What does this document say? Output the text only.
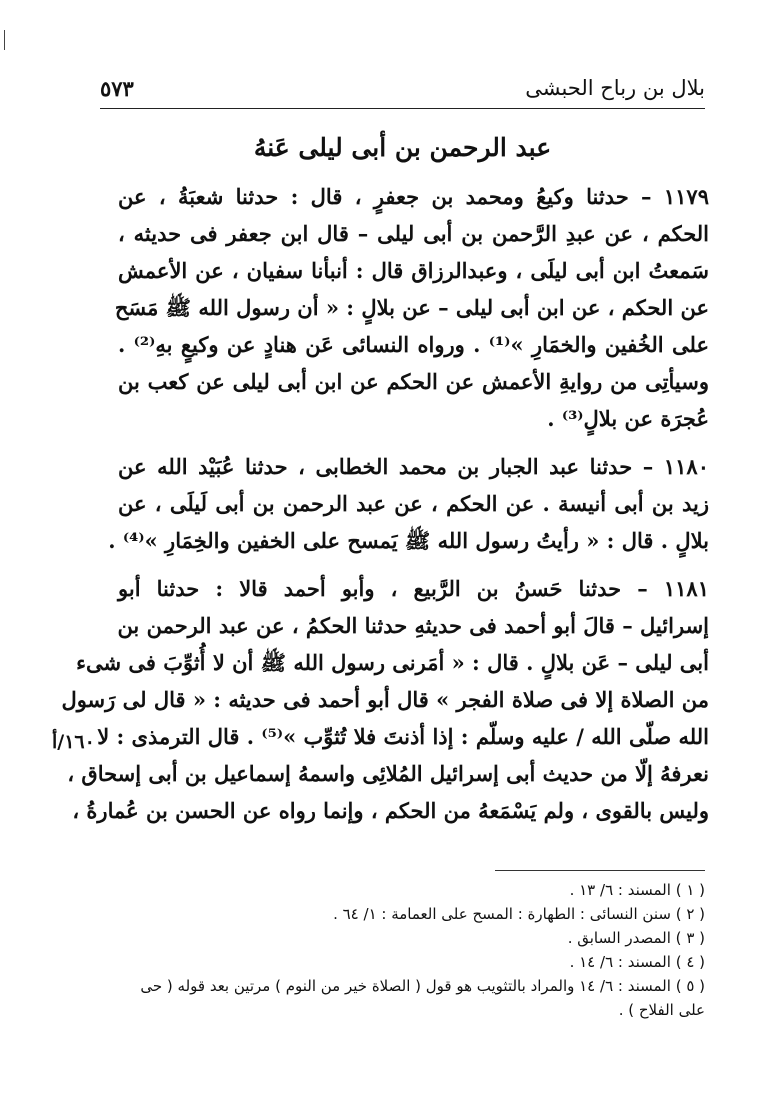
بلال بن رباح الحبشى
٥٧٣
عبد الرحمن بن أبى ليلى عَنهُ
١١٧٩ – حدثنا وكيعُ ومحمد بن جعفرٍ ، قال : حدثنا شعبَةُ ، عن
الحكم ، عن عبدِ الرَّحمن بن أبى ليلى – قال ابن جعفر فى حديثه ،
سَمعتُ ابن أبى ليلَى ، وعبدالرزاق قال : أنبأنا سفيان ، عن الأعمش
عن الحكم ، عن ابن أبى ليلى – عن بلالٍ : « أن رسول الله ﷺ مَسَح
على الخُفين والخمَارِ »⁽¹⁾ . ورواه النسائى عَن هنادٍ عن وكيعٍ بهِ⁽²⁾ .
وسيأتِى من روايةِ الأعمش عن الحكم عن ابن أبى ليلى عن كعب بن
عُجرَة عن بلالٍ⁽³⁾ .
١١٨٠ – حدثنا عبد الجبار بن محمد الخطابى ، حدثنا عُبَيْد الله عن
زيد بن أبى أنيسة . عن الحكم ، عن عبد الرحمن بن أبى لَيلَى ، عن
بلالٍ . قال : « رأيتُ رسول الله ﷺ يَمسح على الخفين والخِمَارِ »⁽⁴⁾ .
١١٨١ – حدثنا حَسنُ بن الرَّبيع ، وأبو أحمد قالا : حدثنا أبو
إسرائيل – قالَ أبو أحمد فى حديثهِ حدثنا الحكمُ ، عن عبد الرحمن بن
أبى ليلى – عَن بلالٍ . قال : « أمَرنى رسول الله ﷺ أن لا أُثوِّبَ فى شىء
من الصلاة إلا فى صلاة الفجر » قال أبو أحمد فى حديثه : « قال لى رَسول
الله صلّى الله / عليه وسلّم : إذا أذنتَ فلا تُثوِّب »⁽⁵⁾ . قال الترمذى : لا
نعرفهُ إلّا من حديث أبى إسرائيل المُلائِى واسمهُ إسماعيل بن أبى إسحاق ،
وليس بالقوى ، ولم يَسْمَعهُ من الحكم ، وإنما رواه عن الحسن بن عُمارةُ ،
١٦٠/أ
( ١ ) المسند : ٦/ ١٣ .
( ٢ ) سنن النسائى : الطهارة : المسح على العمامة : ١/ ٦٤ .
( ٣ ) المصدر السابق .
( ٤ ) المسند : ٦/ ١٤ .
( ٥ ) المسند : ٦/ ١٤ والمراد بالتثويب هو قول ( الصلاة خير من النوم ) مرتين بعد قوله ( حى
على الفلاح ) .
